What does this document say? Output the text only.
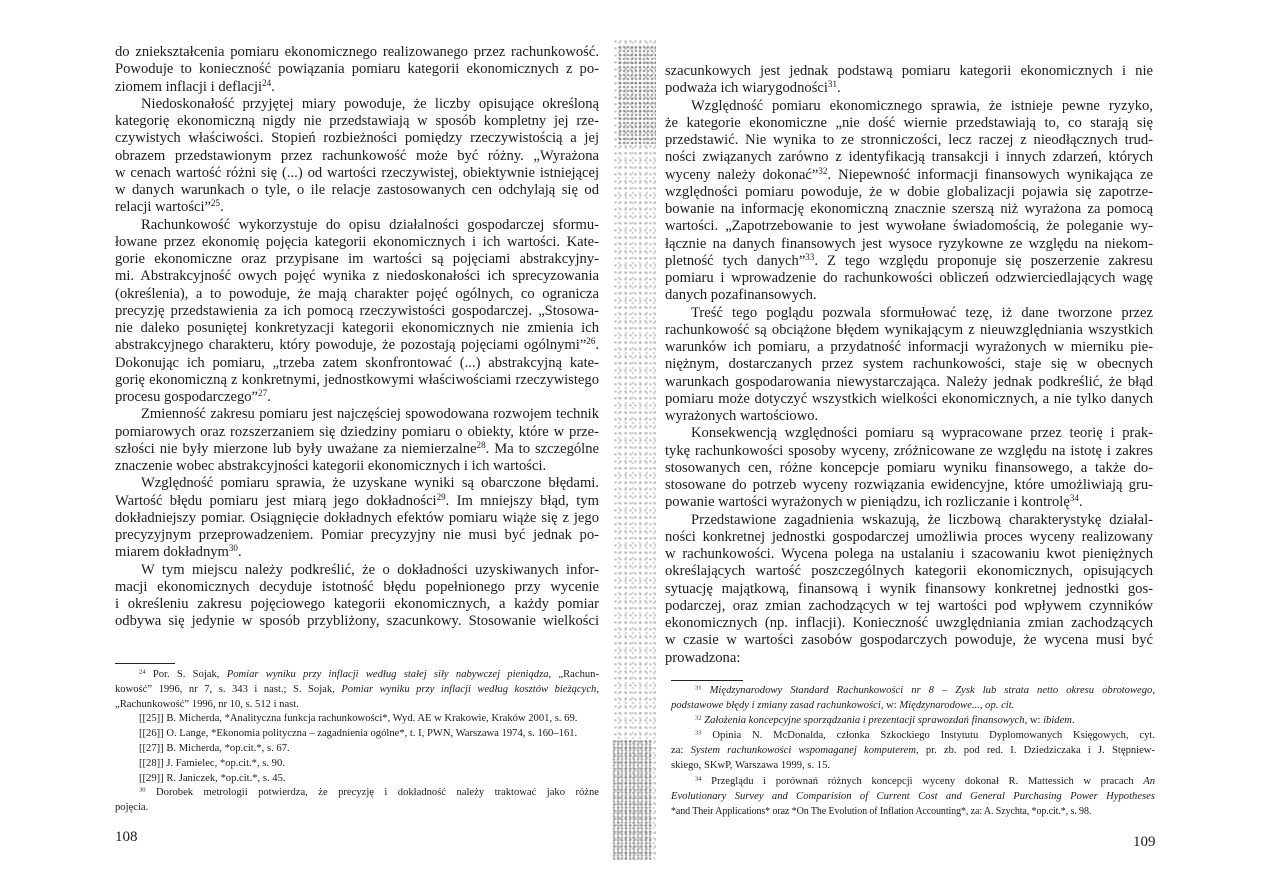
do zniekształcenia pomiaru ekonomicznego realizowanego przez rachunkowość.
Powoduje to konieczność powiązania pomiaru kategorii ekonomicznych z po-
ziomem inflacji i deflacji$^{24}$.
Niedoskonałość przyjętej miary powoduje, że liczby opisujące określoną
kategorię ekonomiczną nigdy nie przedstawiają w sposób kompletny jej rze-
czywistych właściwości. Stopień rozbieżności pomiędzy rzeczywistością a jej
obrazem przedstawionym przez rachunkowość może być różny. „Wyrażona
w cenach wartość różni się (...) od wartości rzeczywistej, obiektywnie istniejącej
w danych warunkach o tyle, o ile relacje zastosowanych cen odchylają się od
relacji wartości”$^{25}$.
Rachunkowość wykorzystuje do opisu działalności gospodarczej sformu-
łowane przez ekonomię pojęcia kategorii ekonomicznych i ich wartości. Kate-
gorie ekonomiczne oraz przypisane im wartości są pojęciami abstrakcyjny-
mi. Abstrakcyjność owych pojęć wynika z niedoskonałości ich sprecyzowania
(określenia), a to powoduje, że mają charakter pojęć ogólnych, co ogranicza
precyzję przedstawienia za ich pomocą rzeczywistości gospodarczej. „Stosowa-
nie daleko posuniętej konkretyzacji kategorii ekonomicznych nie zmienia ich
abstrakcyjnego charakteru, który powoduje, że pozostają pojęciami ogólnymi”$^{26}$.
Dokonując ich pomiaru, „trzeba zatem skonfrontować (...) abstrakcyjną kate-
gorię ekonomiczną z konkretnymi, jednostkowymi właściwościami rzeczywistego
procesu gospodarczego”$^{27}$.
Zmienność zakresu pomiaru jest najczęściej spowodowana rozwojem technik
pomiarowych oraz rozszerzaniem się dziedziny pomiaru o obiekty, które w prze-
szłości nie były mierzone lub były uważane za niemierzalne$^{28}$. Ma to szczególne
znaczenie wobec abstrakcyjności kategorii ekonomicznych i ich wartości.
Względność pomiaru sprawia, że uzyskane wyniki są obarczone błędami.
Wartość błędu pomiaru jest miarą jego dokładności$^{29}$. Im mniejszy błąd, tym
dokładniejszy pomiar. Osiągnięcie dokładnych efektów pomiaru wiąże się z jego
precyzyjnym przeprowadzeniem. Pomiar precyzyjny nie musi być jednak po-
miarem dokładnym$^{30}$.
W tym miejscu należy podkreślić, że o dokładności uzyskiwanych infor-
macji ekonomicznych decyduje istotność błędu popełnionego przy wycenie
i określeniu zakresu pojęciowego kategorii ekonomicznych, a każdy pomiar
odbywa się jedynie w sposób przybliżony, szacunkowy. Stosowanie wielkości
$^{24}$ Por. S. Sojak, Pomiar wyniku przy inflacji według stałej siły nabywczej pieniądza, „Rachun-
kowość” 1996, nr 7, s. 343 i nast.; S. Sojak, Pomiar wyniku przy inflacji według kosztów bieżących,
„Rachunkowość” 1996, nr 10, s. 512 i nast.
[[25]] B. Micherda, *Analityczna funkcja rachunkowości*, Wyd. AE w Krakowie, Kraków 2001, s. 69.
[[26]] O. Lange, *Ekonomia polityczna – zagadnienia ogólne*, t. I, PWN, Warszawa 1974, s. 160–161.
[[27]] B. Micherda, *op.cit.*, s. 67.
[[28]] J. Famielec, *op.cit.*, s. 90.
[[29]] R. Janiczek, *op.cit.*, s. 45.
$^{30}$ Dorobek metrologii potwierdza, że precyzję i dokładność należy traktować jako różne
pojęcia.
108
szacunkowych jest jednak podstawą pomiaru kategorii ekonomicznych i nie
podważa ich wiarygodności$^{31}$.
Względność pomiaru ekonomicznego sprawia, że istnieje pewne ryzyko,
że kategorie ekonomiczne „nie dość wiernie przedstawiają to, co starają się
przedstawić. Nie wynika to ze stronniczości, lecz raczej z nieodłącznych trud-
ności związanych zarówno z identyfikacją transakcji i innych zdarzeń, których
wyceny należy dokonać”$^{32}$. Niepewność informacji finansowych wynikająca ze
względności pomiaru powoduje, że w dobie globalizacji pojawia się zapotrze-
bowanie na informację ekonomiczną znacznie szerszą niż wyrażona za pomocą
wartości. „Zapotrzebowanie to jest wywołane świadomością, że poleganie wy-
łącznie na danych finansowych jest wysoce ryzykowne ze względu na niekom-
pletność tych danych”$^{33}$. Z tego względu proponuje się poszerzenie zakresu
pomiaru i wprowadzenie do rachunkowości obliczeń odzwierciedlających wagę
danych pozafinansowych.
Treść tego poglądu pozwala sformułować tezę, iż dane tworzone przez
rachunkowość są obciążone błędem wynikającym z nieuwzględniania wszystkich
warunków ich pomiaru, a przydatność informacji wyrażonych w mierniku pie-
niężnym, dostarczanych przez system rachunkowości, staje się w obecnych
warunkach gospodarowania niewystarczająca. Należy jednak podkreślić, że błąd
pomiaru może dotyczyć wszystkich wielkości ekonomicznych, a nie tylko danych
wyrażonych wartościowo.
Konsekwencją względności pomiaru są wypracowane przez teorię i prak-
tykę rachunkowości sposoby wyceny, zróżnicowane ze względu na istotę i zakres
stosowanych cen, różne koncepcje pomiaru wyniku finansowego, a także do-
stosowane do potrzeb wyceny rozwiązania ewidencyjne, które umożliwiają gru-
powanie wartości wyrażonych w pieniądzu, ich rozliczanie i kontrolę$^{34}$.
Przedstawione zagadnienia wskazują, że liczbową charakterystykę działal-
ności konkretnej jednostki gospodarczej umożliwia proces wyceny realizowany
w rachunkowości. Wycena polega na ustalaniu i szacowaniu kwot pieniężnych
określających wartość poszczególnych kategorii ekonomicznych, opisujących
sytuację majątkową, finansową i wynik finansowy konkretnej jednostki gos-
podarczej, oraz zmian zachodzących w tej wartości pod wpływem czynników
ekonomicznych (np. inflacji). Konieczność uwzględniania zmian zachodzących
w czasie w wartości zasobów gospodarczych powoduje, że wycena musi być
prowadzona:
$^{31}$ Międzynarodowy Standard Rachunkowości nr 8 – Zysk lub strata netto okresu obrotowego,
podstawowe błędy i zmiany zasad rachunkowości, w: Międzynarodowe..., op. cit.
$^{32}$ Założenia koncepcyjne sporządzania i prezentacji sprawozdań finansowych, w: ibidem.
$^{33}$ Opinia N. McDonalda, członka Szkockiego Instytutu Dyplomowanych Księgowych, cyt.
za: System rachunkowości wspomaganej komputerem, pr. zb. pod red. I. Dziedziczaka i J. Stępniew-
skiego, SKwP, Warszawa 1999, s. 15.
$^{34}$ Przeglądu i porównań różnych koncepcji wyceny dokonał R. Mattessich w pracach An
Evolutionary Survey and Comparision of Current Cost and General Purchasing Power Hypotheses
*and Their Applications* oraz *On The Evolution of Inflation Accounting*, za: A. Szychta, *op.cit.*, s. 98.
109
